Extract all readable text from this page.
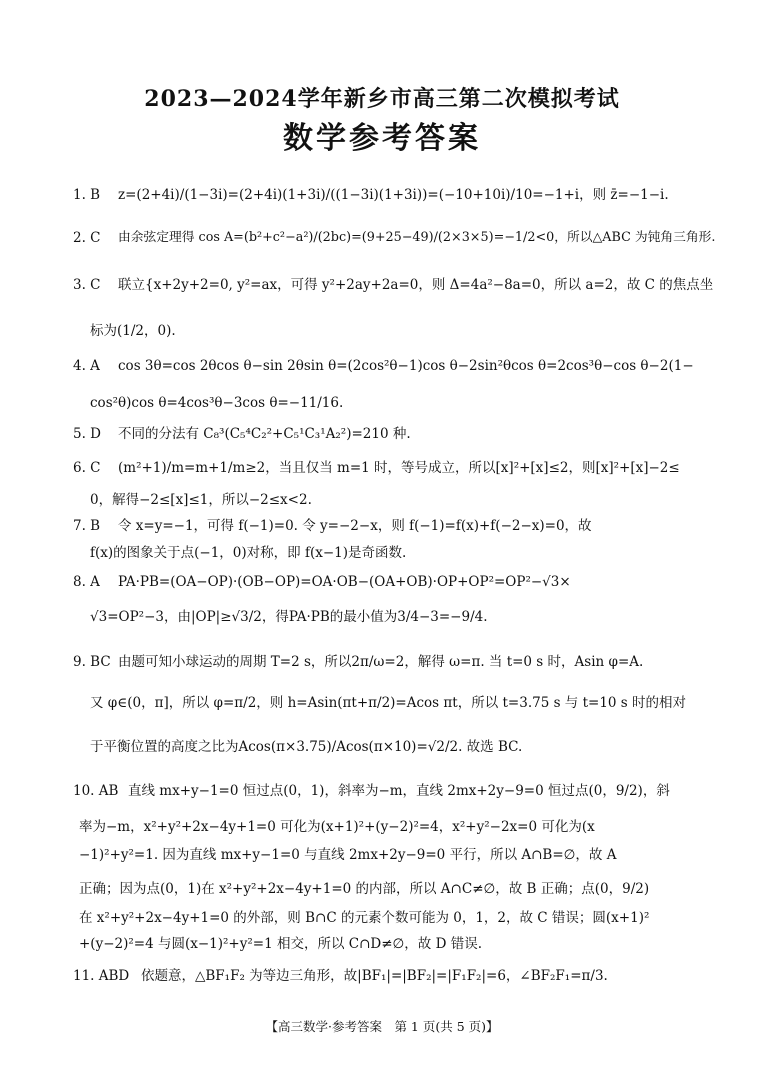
2023—2024学年新乡市高三第二次模拟考试
数学参考答案
1. B z=(2+4i)/(1−3i)=(2+4i)(1+3i)/((1−3i)(1+3i))=(−10+10i)/10=−1+i，则 z̄=−1−i.
2. C 由余弦定理得 cos A=(b²+c²−a²)/(2bc)=(9+25−49)/(2×3×5)=−1/2<0，所以△ABC 为钝角三角形.
3. C 联立{x+2y+2=0, y²=ax，可得 y²+2ay+2a=0，则 Δ=4a²−8a=0，所以 a=2，故 C 的焦点坐
标为(1/2，0).
4. A cos 3θ=cos 2θcos θ−sin 2θsin θ=(2cos²θ−1)cos θ−2sin²θcos θ=2cos³θ−cos θ−2(1−
cos²θ)cos θ=4cos³θ−3cos θ=−11/16.
5. D 不同的分法有 C₈³(C₅⁴C₂²+C₅¹C₃¹A₂²)=210 种.
6. C (m²+1)/m=m+1/m≥2，当且仅当 m=1 时，等号成立，所以[x]²+[x]≤2，则[x]²+[x]−2≤
0，解得−2≤[x]≤1，所以−2≤x<2.
7. B 令 x=y=−1，可得 f(−1)=0. 令 y=−2−x，则 f(−1)=f(x)+f(−2−x)=0，故
f(x)的图象关于点(−1，0)对称，即 f(x−1)是奇函数.
8. A PA·PB=(OA−OP)·(OB−OP)=OA·OB−(OA+OB)·OP+OP²=OP²−√3×
√3=OP²−3，由|OP|≥√3/2，得PA·PB的最小值为3/4−3=−9/4.
9. BC 由题可知小球运动的周期 T=2 s，所以2π/ω=2，解得 ω=π. 当 t=0 s 时，Asin φ=A.
又 φ∈(0，π]，所以 φ=π/2，则 h=Asin(πt+π/2)=Acos πt，所以 t=3.75 s 与 t=10 s 时的相对
于平衡位置的高度之比为Acos(π×3.75)/Acos(π×10)=√2/2. 故选 BC.
10. AB 直线 mx+y−1=0 恒过点(0，1)，斜率为−m，直线 2mx+2y−9=0 恒过点(0，9/2)，斜
率为−m，x²+y²+2x−4y+1=0 可化为(x+1)²+(y−2)²=4，x²+y²−2x=0 可化为(x
−1)²+y²=1. 因为直线 mx+y−1=0 与直线 2mx+2y−9=0 平行，所以 A∩B=∅，故 A
正确；因为点(0，1)在 x²+y²+2x−4y+1=0 的内部，所以 A∩C≠∅，故 B 正确；点(0，9/2)
在 x²+y²+2x−4y+1=0 的外部，则 B∩C 的元素个数可能为 0，1，2，故 C 错误；圆(x+1)²
+(y−2)²=4 与圆(x−1)²+y²=1 相交，所以 C∩D≠∅，故 D 错误.
11. ABD 依题意，△BF₁F₂ 为等边三角形，故|BF₁|=|BF₂|=|F₁F₂|=6，∠BF₂F₁=π/3.
【高三数学·参考答案　第 1 页(共 5 页)】
